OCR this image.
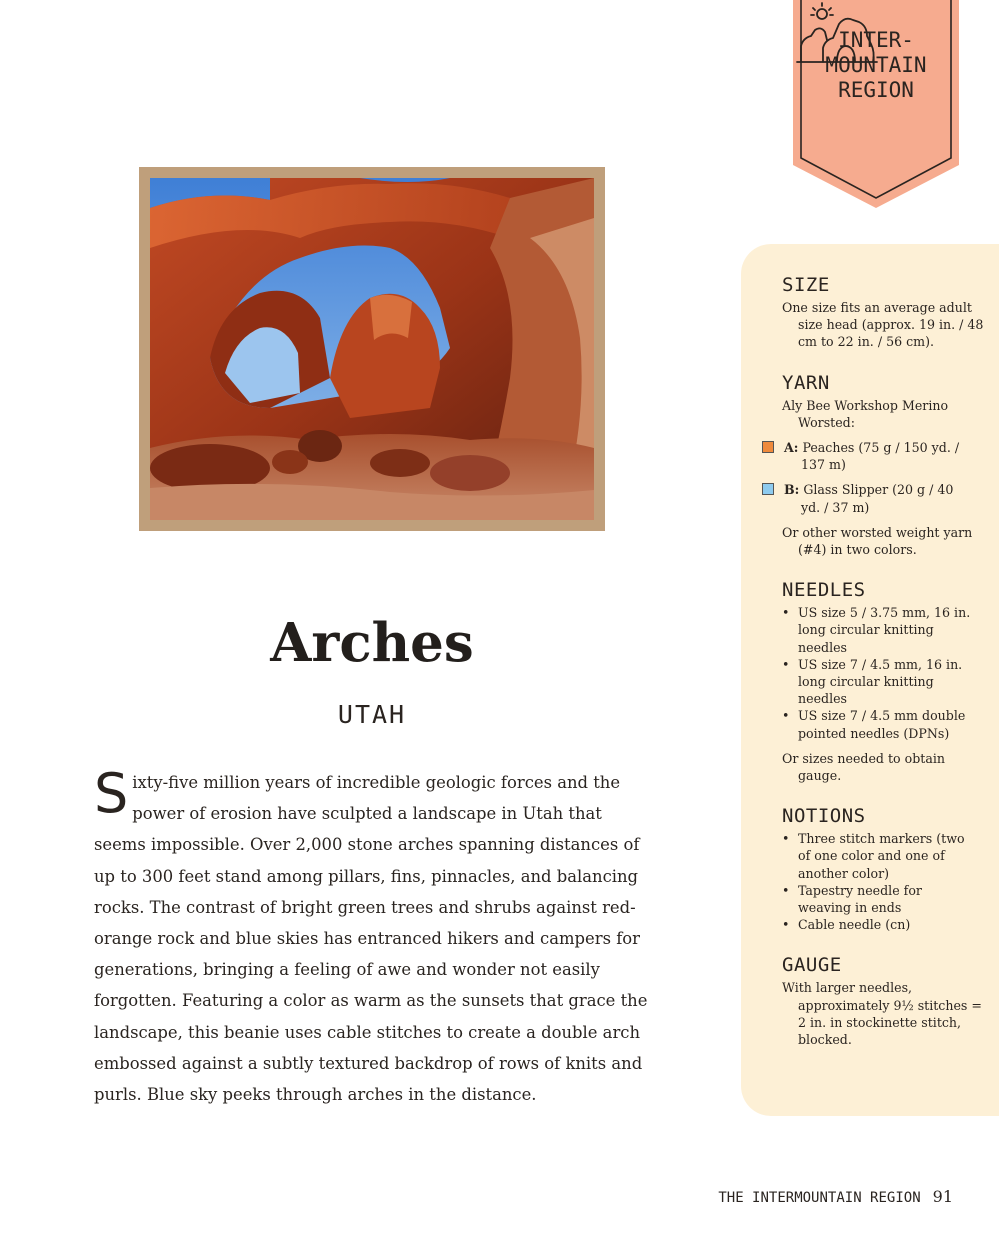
INTER-
MOUNTAIN
REGION
Arches
UTAH

Sixty-five million years of incredible geologic forces and the power of erosion have sculpted a landscape in Utah that seems impossible. Over 2,000 stone arches spanning distances of up to 300 feet stand among pillars, fins, pinnacles, and balancing rocks. The contrast of bright green trees and shrubs against red-orange rock and blue skies has entranced hikers and campers for generations, bringing a feeling of awe and wonder not easily forgotten. Featuring a color as warm as the sunsets that grace the landscape, this beanie uses cable stitches to create a double arch embossed against a subtly textured backdrop of rows of knits and purls. Blue sky peeks through arches in the distance.

SIZE

One size fits an average adult size head (approx. 19 in. / 48 cm to 22 in. / 56 cm).

YARN

Aly Bee Workshop Merino Worsted:

A: Peaches (75 g / 150 yd. / 137 m)

B: Glass Slipper (20 g / 40 yd. / 37 m)

Or other worsted weight yarn (#4) in two colors.

NEEDLES
• US size 5 / 3.75 mm, 16 in. long circular knitting needles
• US size 7 / 4.5 mm, 16 in. long circular knitting needles
• US size 7 / 4.5 mm double pointed needles (DPNs)

Or sizes needed to obtain gauge.

NOTIONS
• Three stitch markers (two of one color and one of another color)
• Tapestry needle for weaving in ends
• Cable needle (cn)
GAUGE

With larger needles, approximately 9½ stitches = 2 in. in stockinette stitch, blocked.

THE INTERMOUNTAIN REGION 91
